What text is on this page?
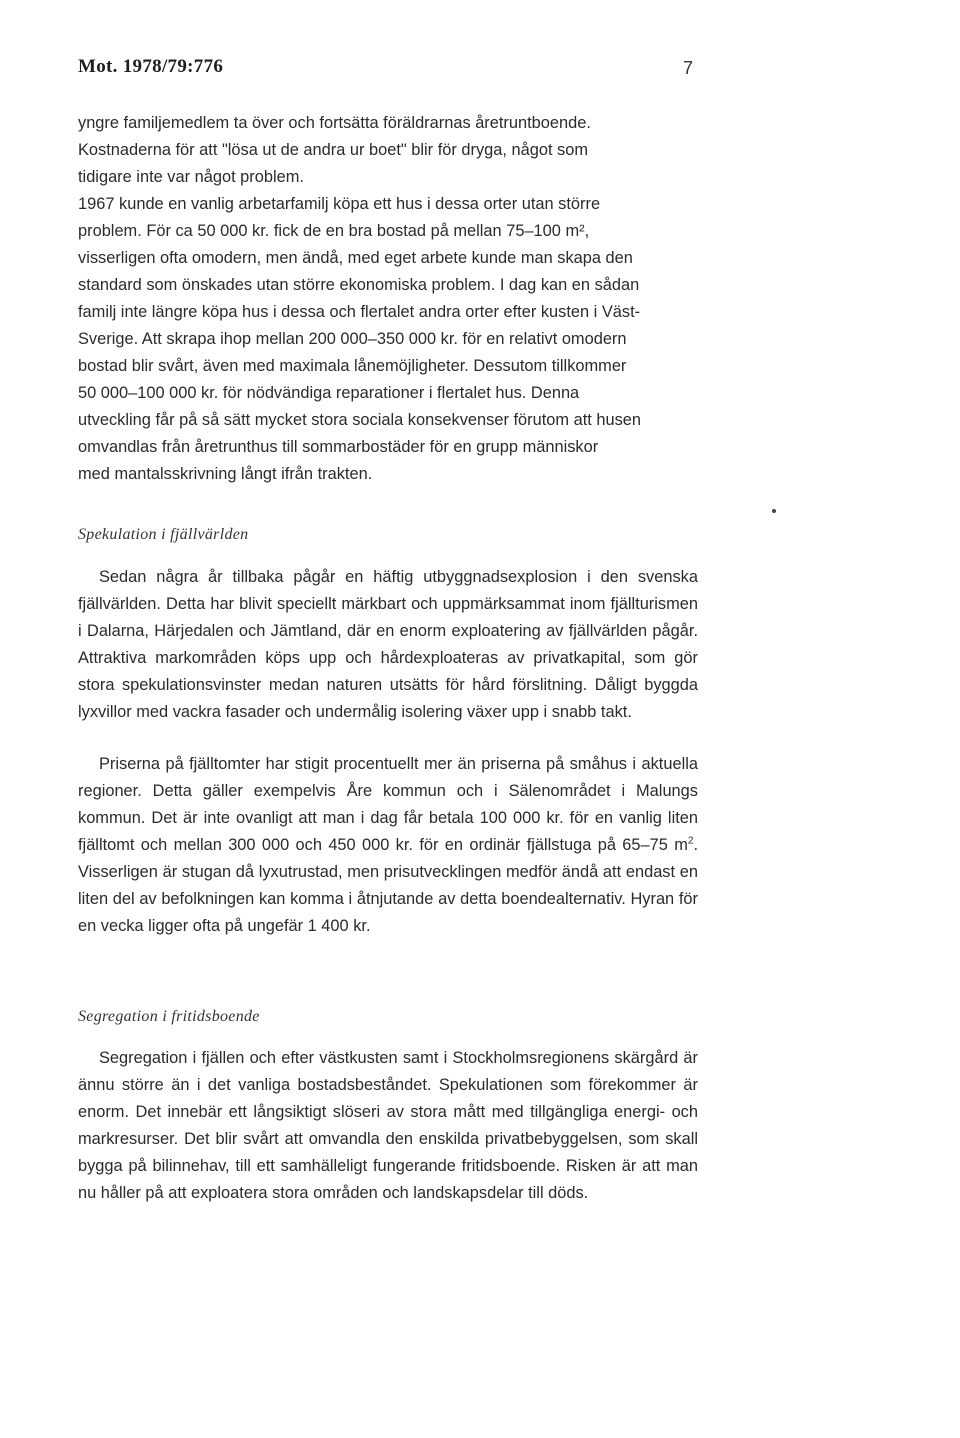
Mot. 1978/79:776	7
yngre familjemedlem ta över och fortsätta föräldrarnas åretruntboende.
Kostnaderna för att "lösa ut de andra ur boet" blir för dryga, något som
tidigare inte var något problem.
1967 kunde en vanlig arbetarfamilj köpa ett hus i dessa orter utan större
problem. För ca 50 000 kr. fick de en bra bostad på mellan 75–100 m²,
visserligen ofta omodern, men ändå, med eget arbete kunde man skapa den
standard som önskades utan större ekonomiska problem. I dag kan en sådan
familj inte längre köpa hus i dessa och flertalet andra orter efter kusten i Väst-
Sverige. Att skrapa ihop mellan 200 000–350 000 kr. för en relativt omodern
bostad blir svårt, även med maximala lånemöjligheter. Dessutom tillkommer
50 000–100 000 kr. för nödvändiga reparationer i flertalet hus. Denna
utveckling får på så sätt mycket stora sociala konsekvenser förutom att husen
omvandlas från åretrunthus till sommarbostäder för en grupp människor
med mantalsskrivning långt ifrån trakten.
Spekulation i fjällvärlden

Sedan några år tillbaka pågår en häftig utbyggnadsexplosion i den svenska fjällvärlden. Detta har blivit speciellt märkbart och uppmärksammat inom fjällturismen i Dalarna, Härjedalen och Jämtland, där en enorm exploatering av fjällvärlden pågår. Attraktiva markområden köps upp och hårdexploateras av privatkapital, som gör stora spekulationsvinster medan naturen utsätts för hård förslitning. Dåligt byggda lyxvillor med vackra fasader och undermålig isolering växer upp i snabb takt.

Priserna på fjälltomter har stigit procentuellt mer än priserna på småhus i aktuella regioner. Detta gäller exempelvis Åre kommun och i Sälenområdet i Malungs kommun. Det är inte ovanligt att man i dag får betala 100 000 kr. för en vanlig liten fjälltomt och mellan 300 000 och 450 000 kr. för en ordinär fjällstuga på 65–75 $m^2$. Visserligen är stugan då lyxutrustad, men prisutvecklingen medför ändå att endast en liten del av befolkningen kan komma i åtnjutande av detta boendealternativ. Hyran för en vecka ligger ofta på ungefär 1 400 kr.

Segregation i fritidsboende

Segregation i fjällen och efter västkusten samt i Stockholmsregionens skärgård är ännu större än i det vanliga bostadsbeståndet. Spekulationen som förekommer är enorm. Det innebär ett långsiktigt slöseri av stora mått med tillgängliga energi- och markresurser. Det blir svårt att omvandla den enskilda privatbebyggelsen, som skall bygga på bilinnehav, till ett samhälleligt fungerande fritidsboende. Risken är att man nu håller på att exploatera stora områden och landskapsdelar till döds.
